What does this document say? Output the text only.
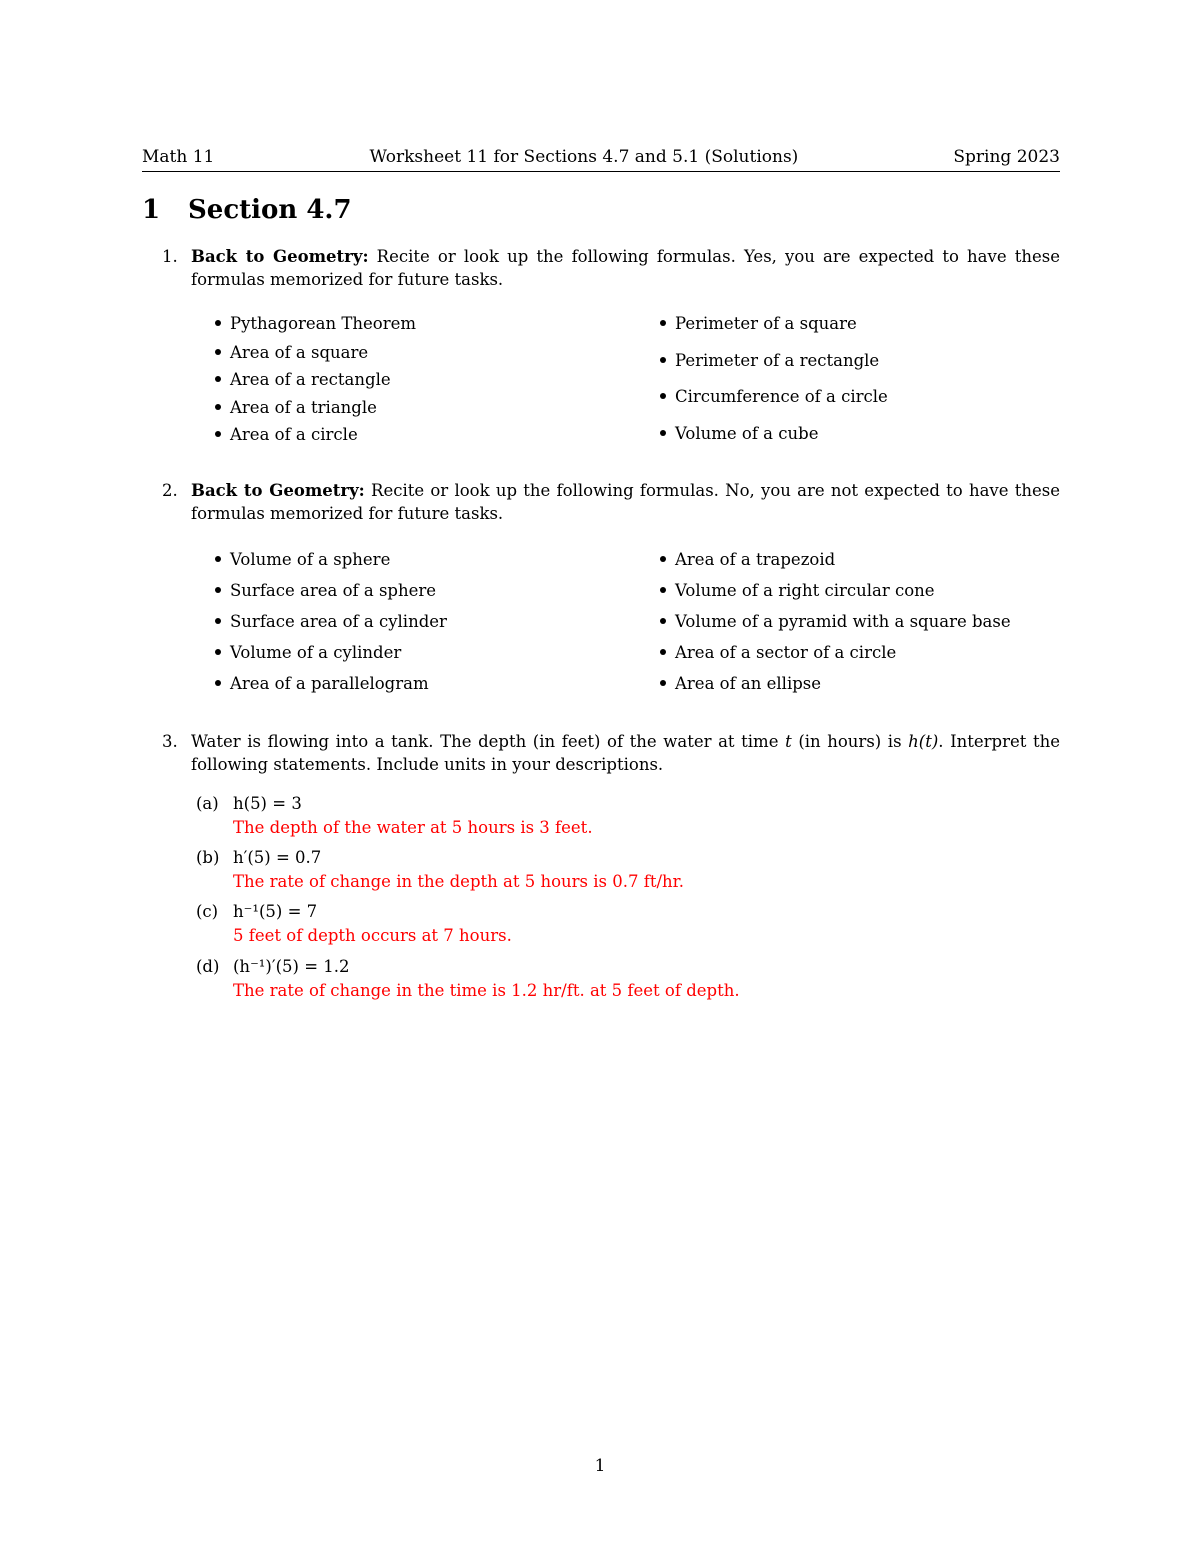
Math 11	Worksheet 11 for Sections 4.7 and 5.1 (Solutions)	Spring 2023
1 Section 4.7
1. Back to Geometry: Recite or look up the following formulas. Yes, you are expected to have these formulas memorized for future tasks.
Pythagorean Theorem
Area of a square
Area of a rectangle
Area of a triangle
Area of a circle
Perimeter of a square
Perimeter of a rectangle
Circumference of a circle
Volume of a cube
2. Back to Geometry: Recite or look up the following formulas. No, you are not expected to have these formulas memorized for future tasks.
Volume of a sphere
Surface area of a sphere
Surface area of a cylinder
Volume of a cylinder
Area of a parallelogram
Area of a trapezoid
Volume of a right circular cone
Volume of a pyramid with a square base
Area of a sector of a circle
Area of an ellipse
3. Water is flowing into a tank. The depth (in feet) of the water at time t (in hours) is h(t). Interpret the following statements. Include units in your descriptions.
(a) h(5) = 3
The depth of the water at 5 hours is 3 feet.
(b) h′(5) = 0.7
The rate of change in the depth at 5 hours is 0.7 ft/hr.
(c) h⁻¹(5) = 7
5 feet of depth occurs at 7 hours.
(d) (h⁻¹)′(5) = 1.2
The rate of change in the time is 1.2 hr/ft. at 5 feet of depth.
1
